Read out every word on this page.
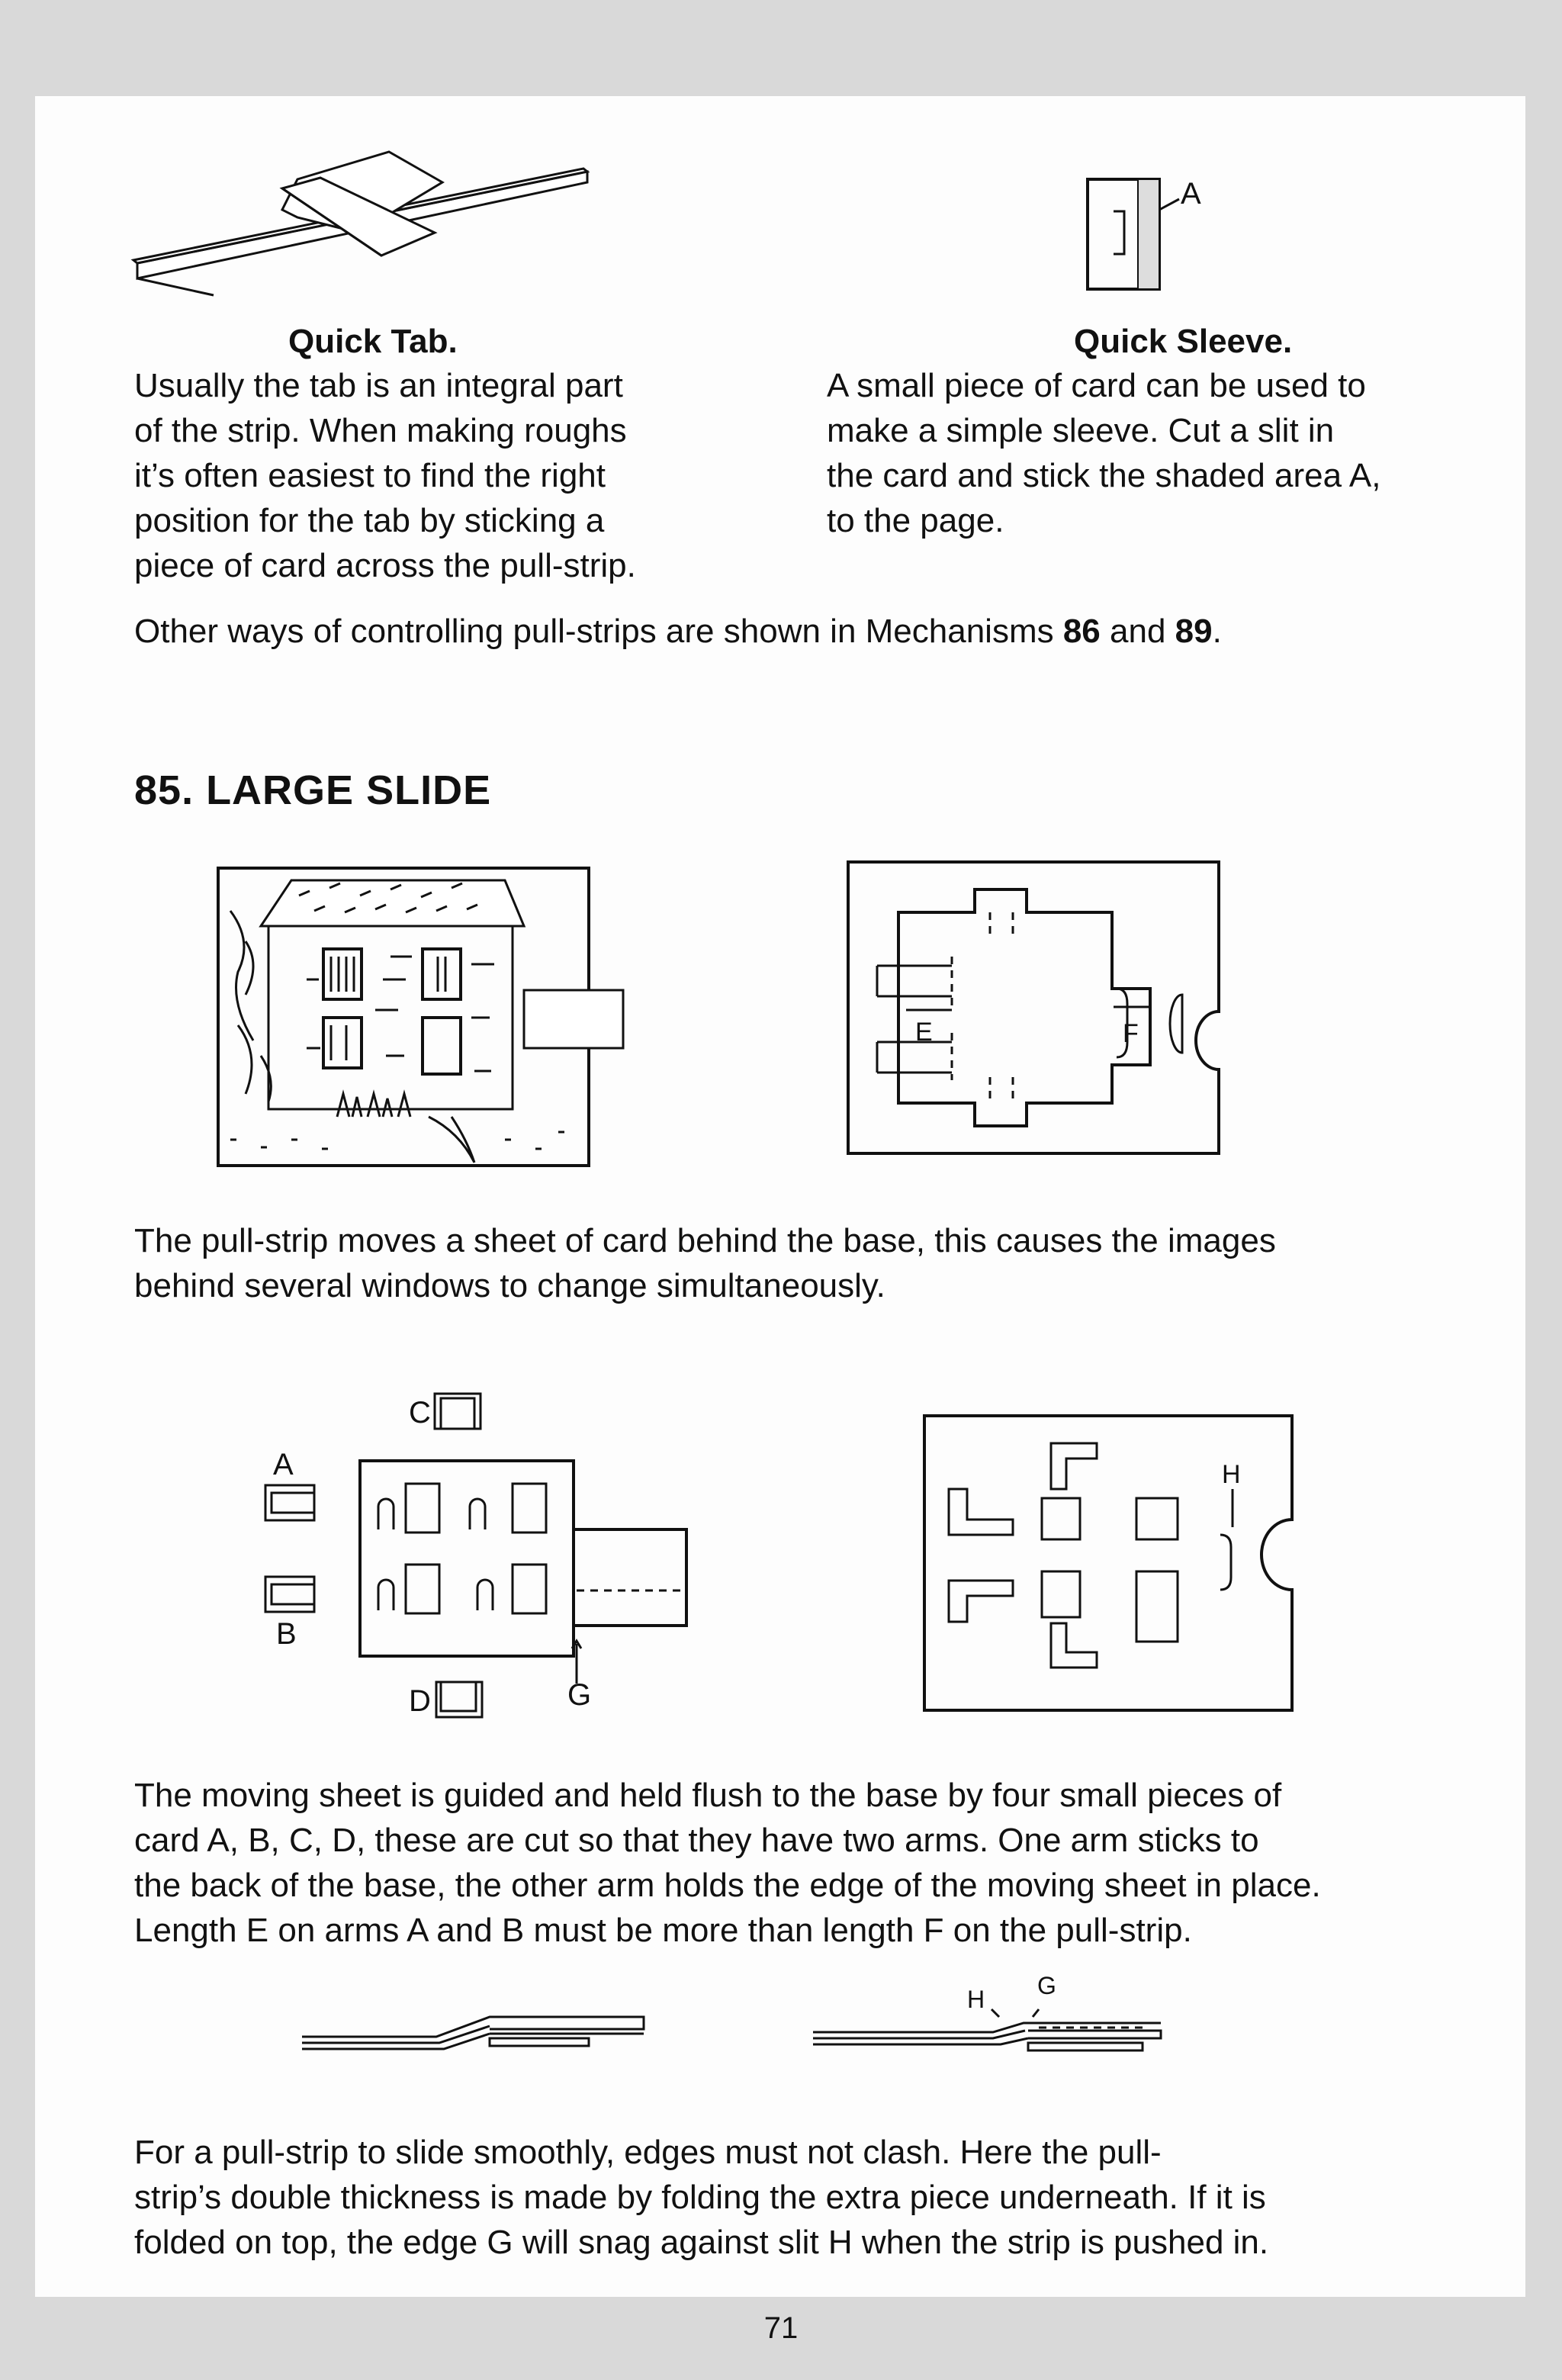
A

Quick Tab.

Usually the tab is an integral part

of the strip. When making roughs

it’s often easiest to find the right

position for the tab by sticking a

piece of card across the pull-strip.

Quick Sleeve.

A small piece of card can be used to

make a simple sleeve. Cut a slit in

the card and stick the shaded area A,

to the page.

Other ways of controlling pull-strips are shown in Mechanisms 86 and 89.

85. LARGE SLIDE

E	F

The pull-strip moves a sheet of card behind the base, this causes the images

behind several windows to change simultaneously.

A
B
C
D	G
H

The moving sheet is guided and held flush to the base by four small pieces of

card A, B, C, D, these are cut so that they have two arms. One arm sticks to

the back of the base, the other arm holds the edge of the moving sheet in place.

Length E on arms A and B must be more than length F on the pull-strip.

H G

For a pull-strip to slide smoothly, edges must not clash. Here the pull-

strip’s double thickness is made by folding the extra piece underneath. If it is

folded on top, the edge G will snag against slit H when the strip is pushed in.

71
